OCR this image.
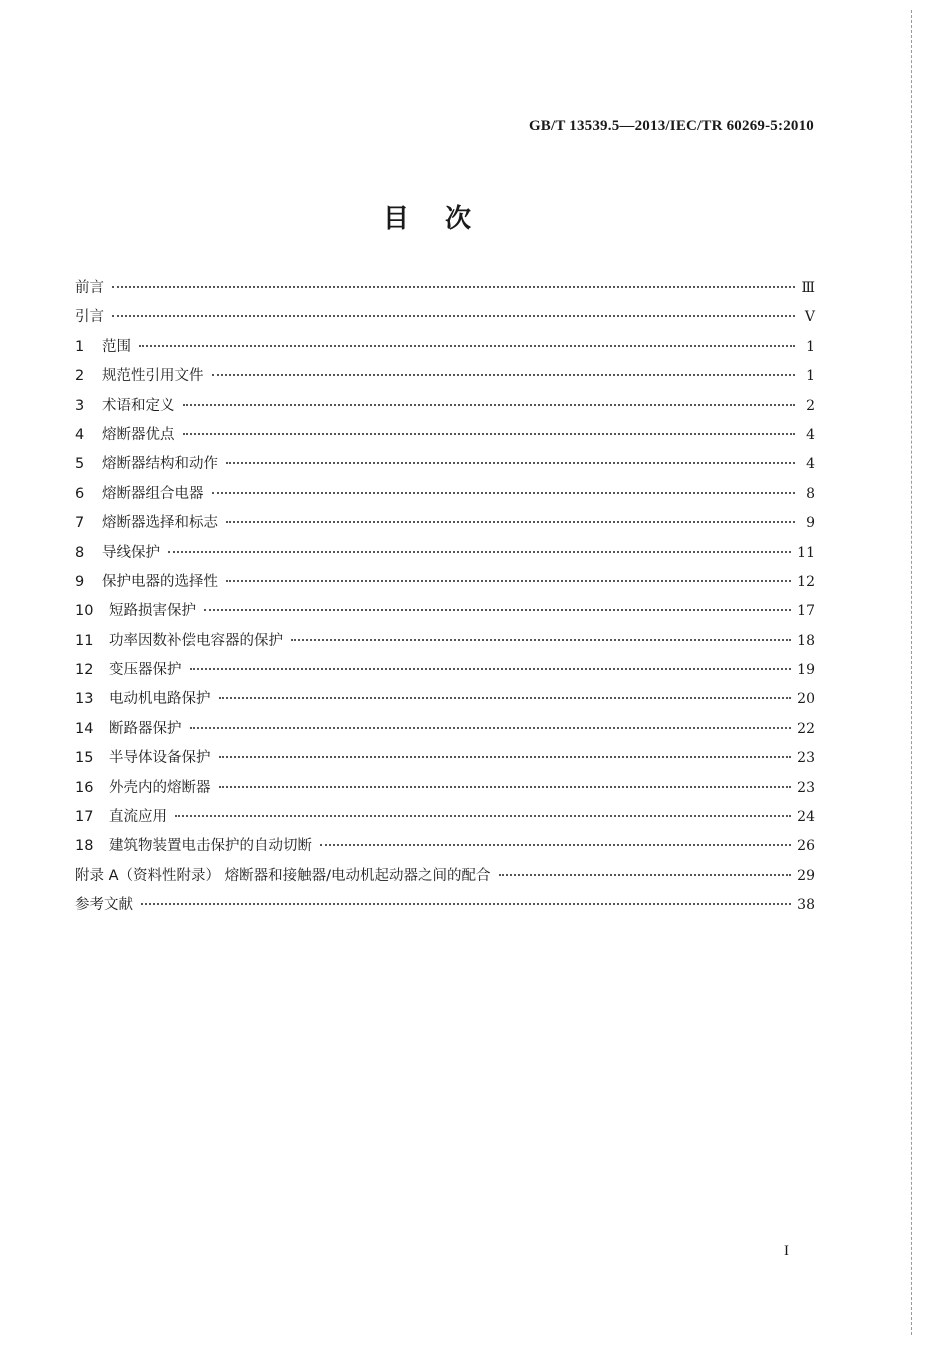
GB/T 13539.5—2013/IEC/TR 60269-5:2010
目次
前言	Ⅲ
引言	Ⅴ
1	范围	1
2	规范性引用文件	1
3	术语和定义	2
4	熔断器优点	4
5	熔断器结构和动作	4
6	熔断器组合电器	8
7	熔断器选择和标志	9
8	导线保护	11
9	保护电器的选择性	12
10	短路损害保护	17
11	功率因数补偿电容器的保护	18
12	变压器保护	19
13	电动机电路保护	20
14	断路器保护	22
15	半导体设备保护	23
16	外壳内的熔断器	23
17	直流应用	24
18	建筑物装置电击保护的自动切断	26
附录 A（资料性附录） 熔断器和接触器/电动机起动器之间的配合	29
参考文献	38
I
